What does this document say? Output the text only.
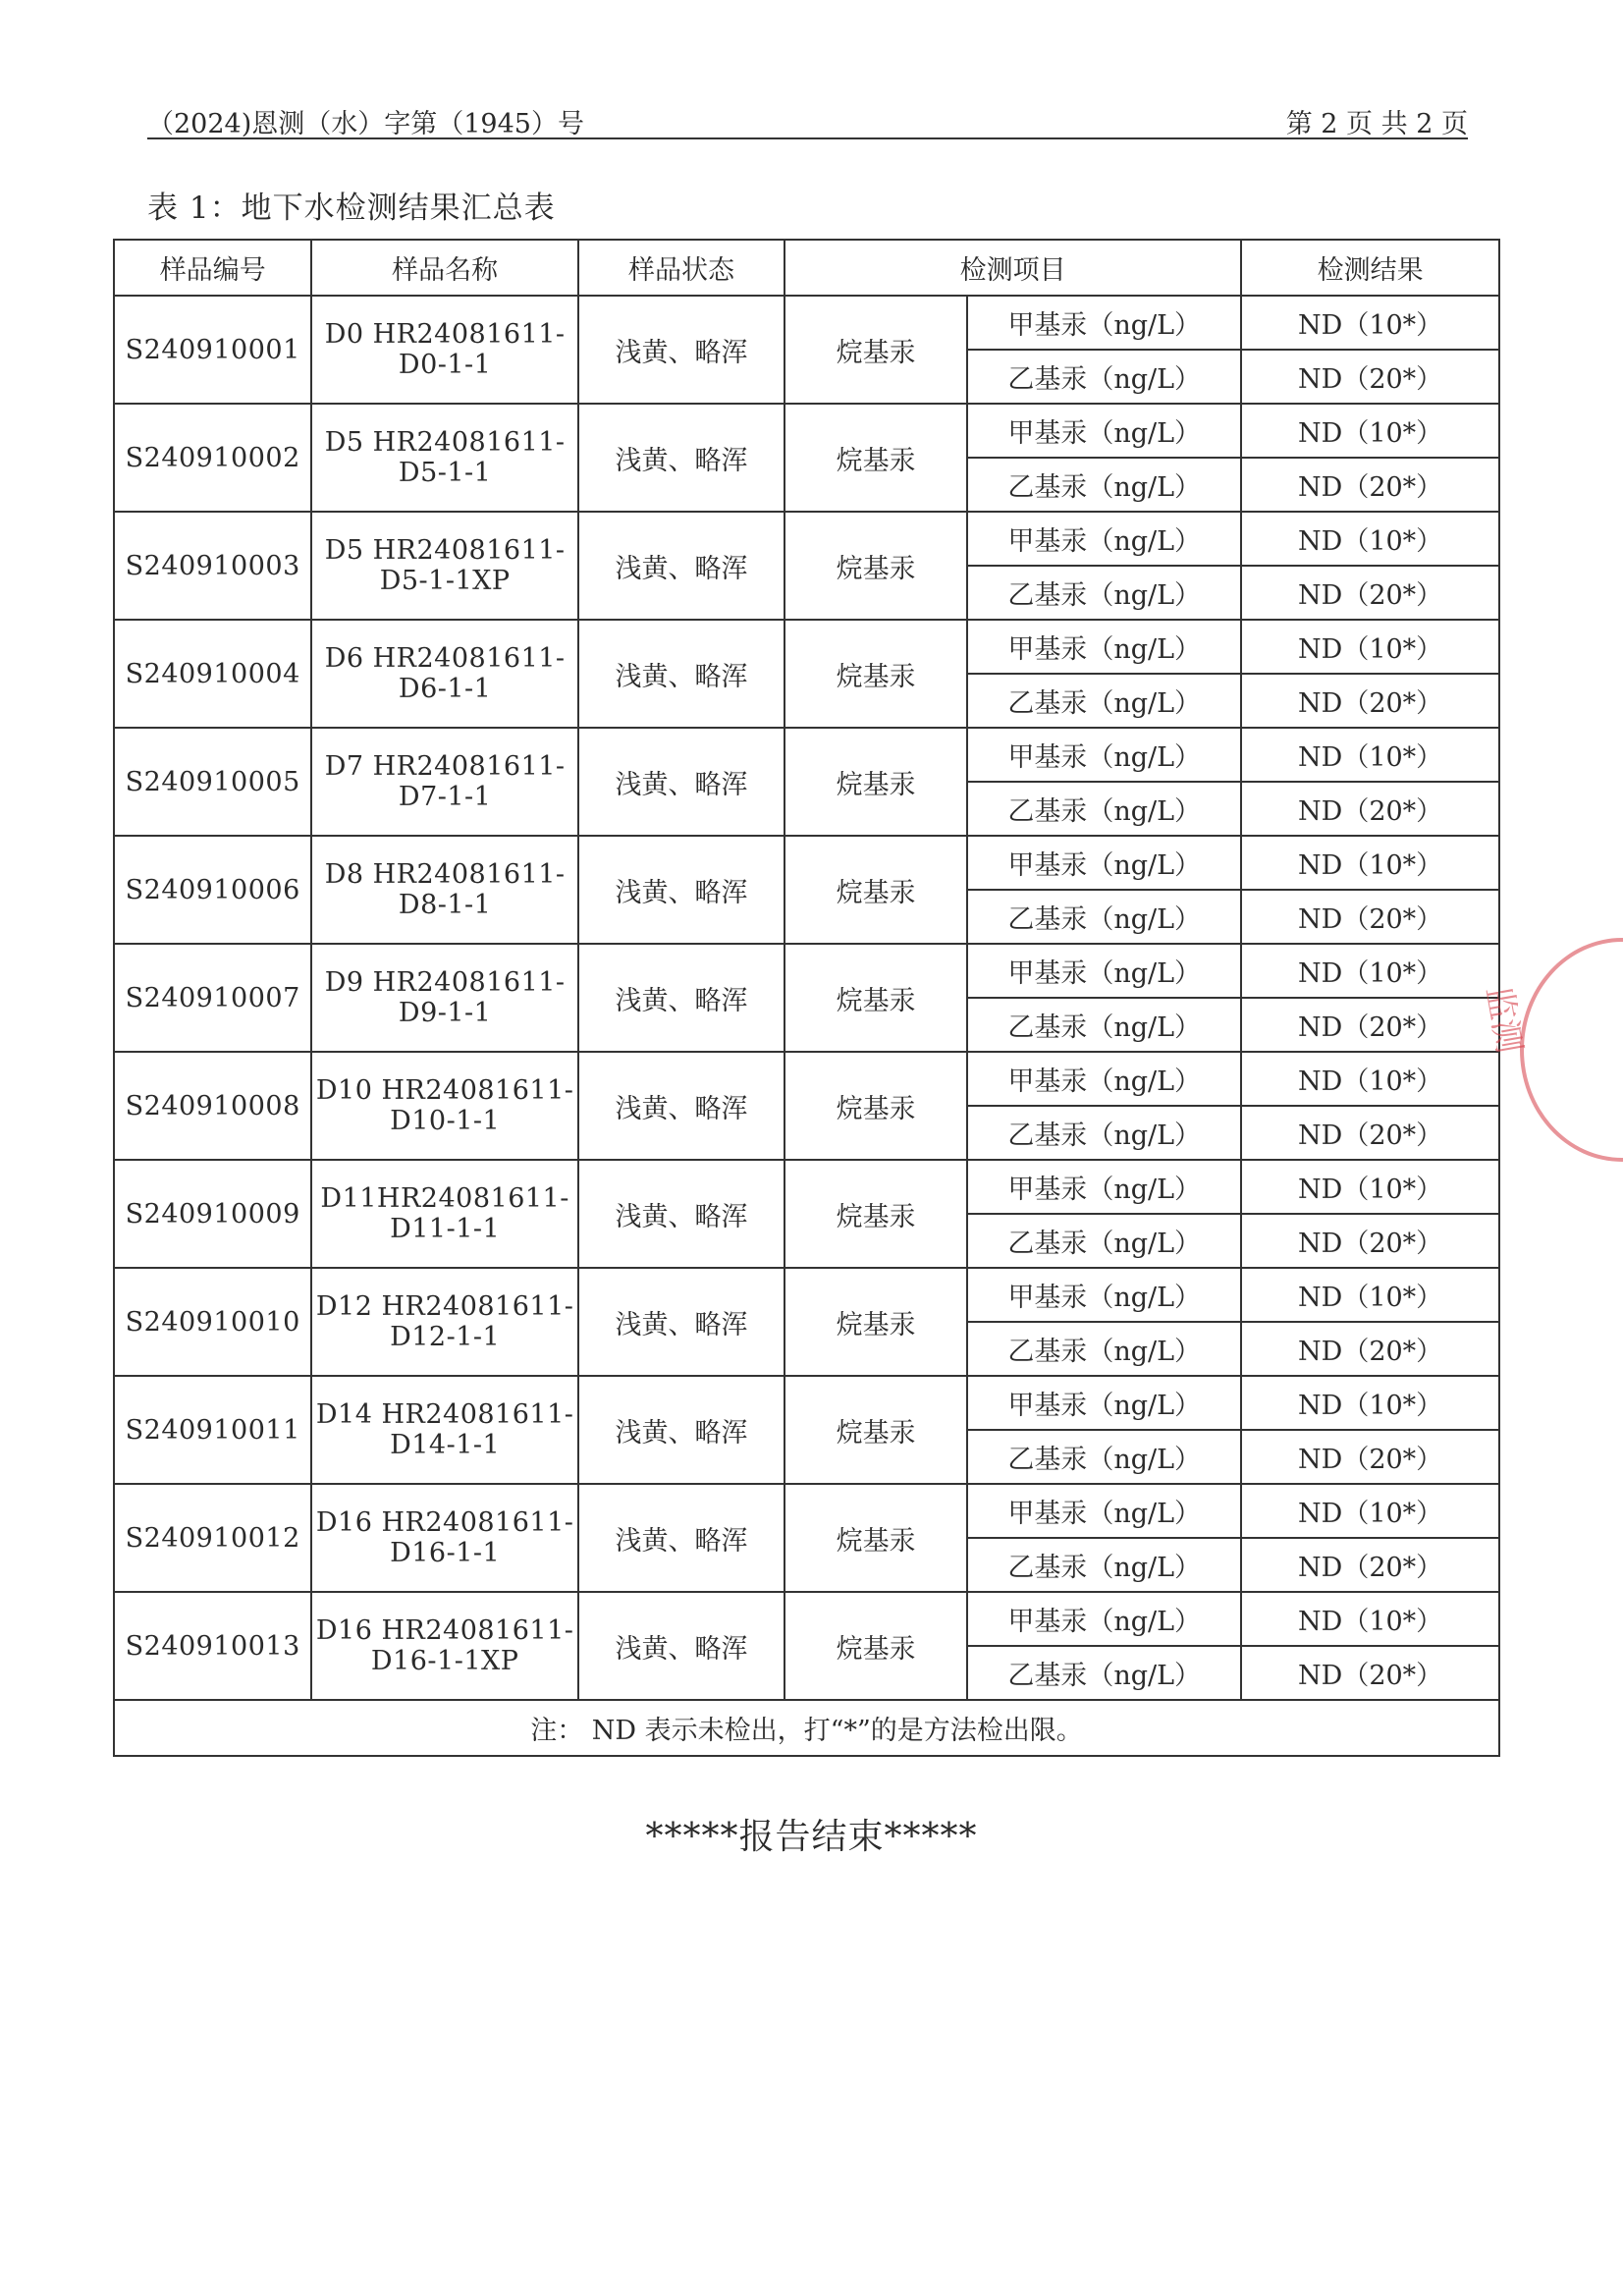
（2024)恩测（水）字第（1945）号	第 2 页 共 2 页
表 1：地下水检测结果汇总表
样品编号	样品名称	样品状态	检测项目		检测结果
S240910001	D0 HR24081611-D0-1-1	浅黄、略浑	烷基汞	甲基汞（ng/L）	ND（10*）
				乙基汞（ng/L）	ND（20*）
S240910002	D5 HR24081611-D5-1-1	浅黄、略浑	烷基汞	甲基汞（ng/L）	ND（10*）
				乙基汞（ng/L）	ND（20*）
S240910003	D5 HR24081611-D5-1-1XP	浅黄、略浑	烷基汞	甲基汞（ng/L）	ND（10*）
				乙基汞（ng/L）	ND（20*）
S240910004	D6 HR24081611-D6-1-1	浅黄、略浑	烷基汞	甲基汞（ng/L）	ND（10*）
				乙基汞（ng/L）	ND（20*）
S240910005	D7 HR24081611-D7-1-1	浅黄、略浑	烷基汞	甲基汞（ng/L）	ND（10*）
				乙基汞（ng/L）	ND（20*）
S240910006	D8 HR24081611-D8-1-1	浅黄、略浑	烷基汞	甲基汞（ng/L）	ND（10*）
				乙基汞（ng/L）	ND（20*）
S240910007	D9 HR24081611-D9-1-1	浅黄、略浑	烷基汞	甲基汞（ng/L）	ND（10*）
				乙基汞（ng/L）	ND（20*）
S240910008	D10 HR24081611-D10-1-1	浅黄、略浑	烷基汞	甲基汞（ng/L）	ND（10*）
				乙基汞（ng/L）	ND（20*）
S240910009	D11HR24081611-D11-1-1	浅黄、略浑	烷基汞	甲基汞（ng/L）	ND（10*）
				乙基汞（ng/L）	ND（20*）
S240910010	D12 HR24081611-D12-1-1	浅黄、略浑	烷基汞	甲基汞（ng/L）	ND（10*）
				乙基汞（ng/L）	ND（20*）
S240910011	D14 HR24081611-D14-1-1	浅黄、略浑	烷基汞	甲基汞（ng/L）	ND（10*）
				乙基汞（ng/L）	ND（20*）
S240910012	D16 HR24081611-D16-1-1	浅黄、略浑	烷基汞	甲基汞（ng/L）	ND（10*）
				乙基汞（ng/L）	ND（20*）
S240910013	D16 HR24081611-D16-1-1XP	浅黄、略浑	烷基汞	甲基汞（ng/L）	ND（10*）
				乙基汞（ng/L）	ND（20*）
注： ND 表示未检出，打“*”的是方法检出限。					
*****报告结束*****
监测
